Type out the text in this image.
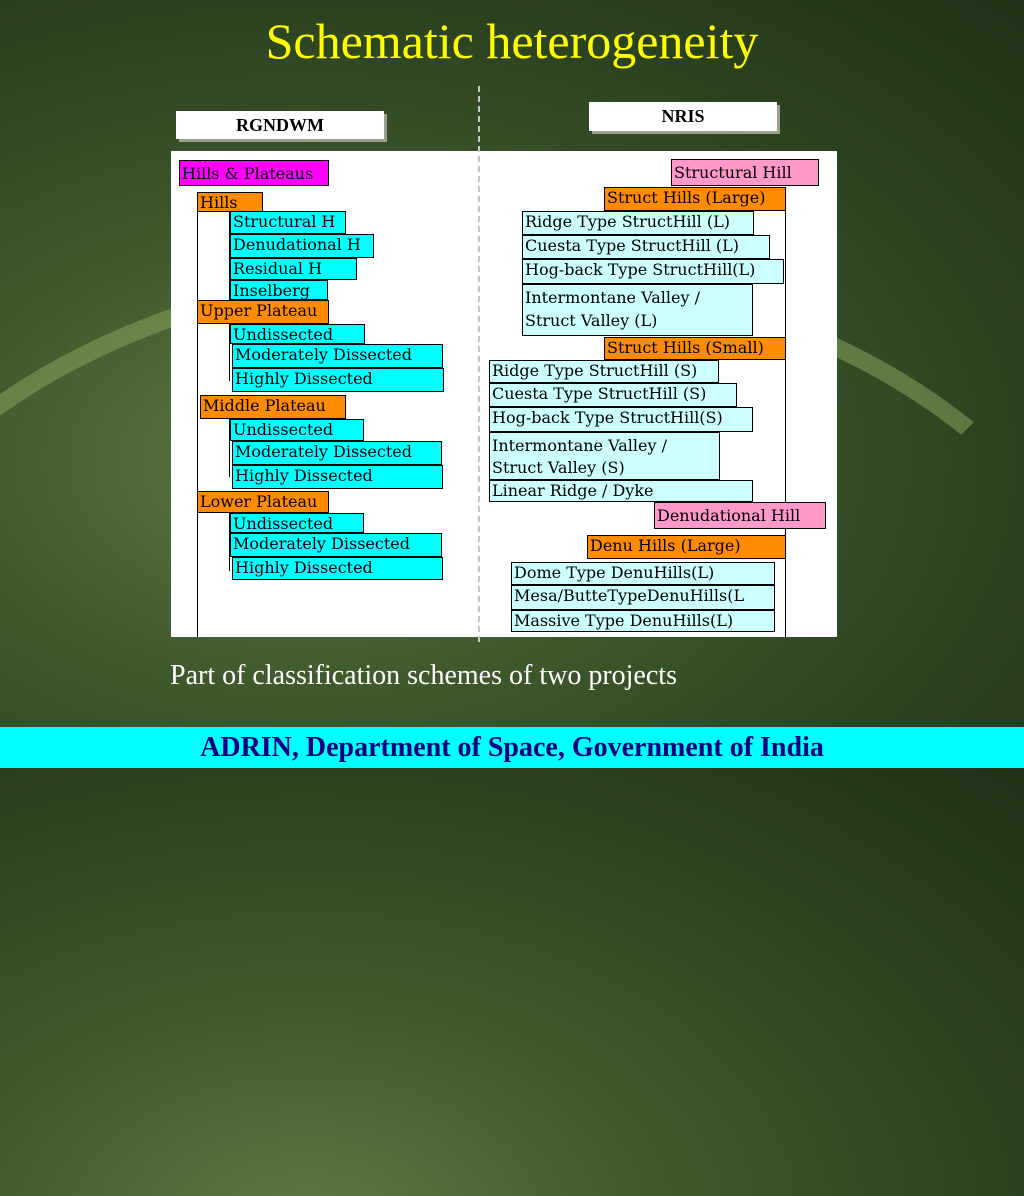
Schematic heterogeneity
RGNDWM	NRIS
Hills & Plateaus
Hills
Structural H
Denudational H
Residual H
Inselberg
Upper Plateau
Undissected
Moderately Dissected
Highly Dissected
Middle Plateau
Undissected
Moderately Dissected
Highly Dissected
Lower Plateau
Undissected
Moderately Dissected
Highly Dissected
Structural Hill
Struct Hills (Large)
Ridge Type StructHill (L)
Cuesta Type StructHill (L)
Hog-back Type StructHill(L)
Intermontane Valley /
Struct Valley (L)
Struct Hills (Small)
Ridge Type StructHill (S)
Cuesta Type StructHill (S)
Hog-back Type StructHill(S)
Intermontane Valley /
Struct Valley (S)
Linear Ridge / Dyke
Denudational Hill
Denu Hills (Large)
Dome Type DenuHills(L)
Mesa/ButteTypeDenuHills(L
Massive Type DenuHills(L)
Part of classification schemes of two projects
ADRIN, Department of Space, Government of India
